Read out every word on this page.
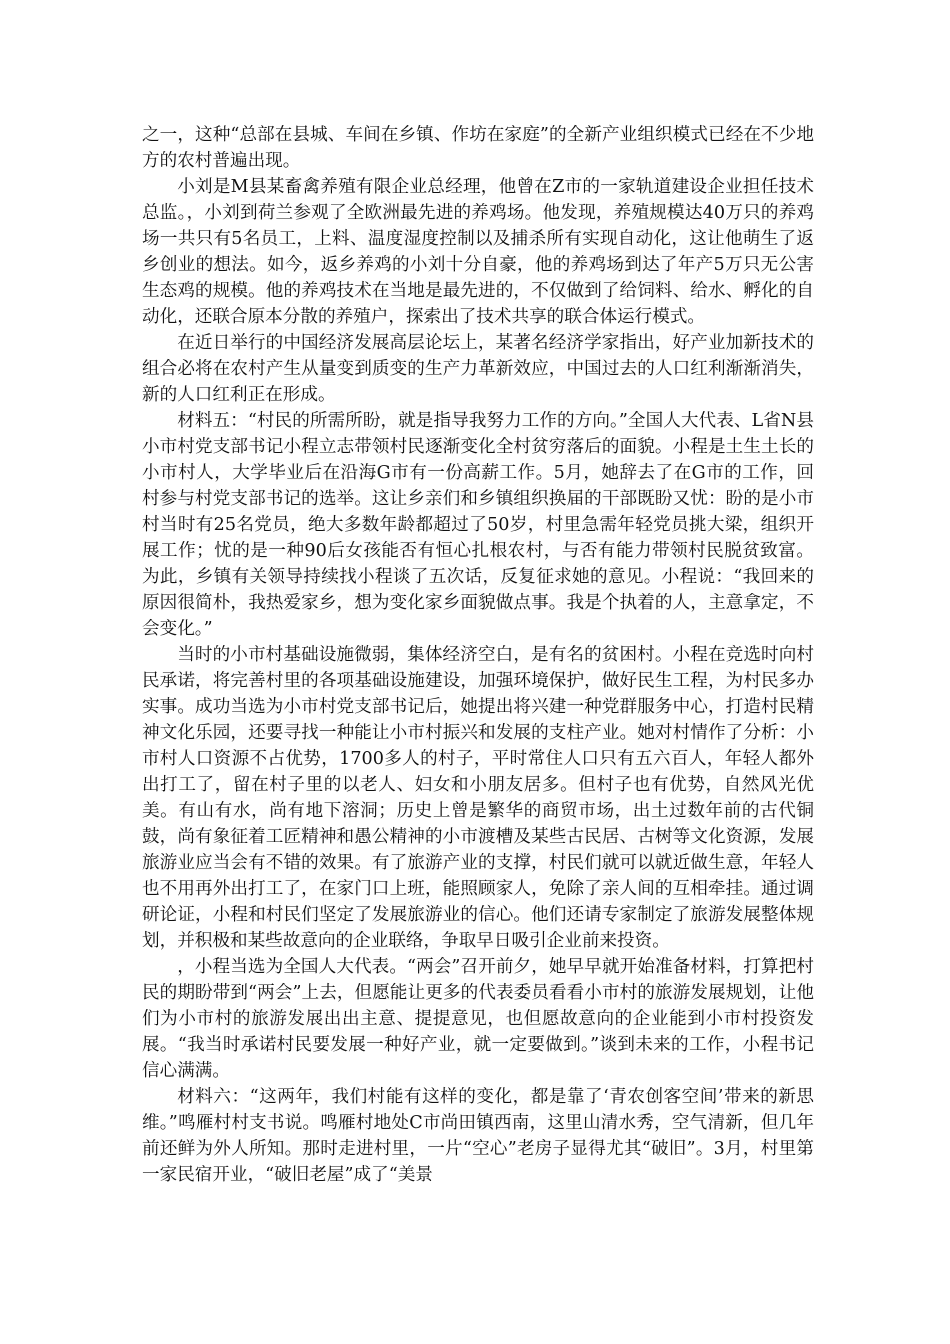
之一，这种“总部在县城、车间在乡镇、作坊在家庭”的全新产业组织模式已经在不少地方的农村普遍出现。

小刘是M县某畜禽养殖有限企业总经理，他曾在Z市的一家轨道建设企业担任技术总监。，小刘到荷兰参观了全欧洲最先进的养鸡场。他发现，养殖规模达40万只的养鸡场一共只有5名员工，上料、温度湿度控制以及捕杀所有实现自动化，这让他萌生了返乡创业的想法。如今，返乡养鸡的小刘十分自豪，他的养鸡场到达了年产5万只无公害生态鸡的规模。他的养鸡技术在当地是最先进的，不仅做到了给饲料、给水、孵化的自动化，还联合原本分散的养殖户，探索出了技术共享的联合体运行模式。

在近日举行的中国经济发展高层论坛上，某著名经济学家指出，好产业加新技术的组合必将在农村产生从量变到质变的生产力革新效应，中国过去的人口红利渐渐消失，新的人口红利正在形成。

材料五：“村民的所需所盼，就是指导我努力工作的方向。”全国人大代表、L省N县小市村党支部书记小程立志带领村民逐渐变化全村贫穷落后的面貌。小程是土生土长的小市村人，大学毕业后在沿海G市有一份高薪工作。5月，她辞去了在G市的工作，回村参与村党支部书记的选举。这让乡亲们和乡镇组织换届的干部既盼又忧：盼的是小市村当时有25名党员，绝大多数年龄都超过了50岁，村里急需年轻党员挑大梁，组织开展工作；忧的是一种90后女孩能否有恒心扎根农村，与否有能力带领村民脱贫致富。为此，乡镇有关领导持续找小程谈了五次话，反复征求她的意见。小程说：“我回来的原因很简朴，我热爱家乡，想为变化家乡面貌做点事。我是个执着的人，主意拿定，不会变化。”

当时的小市村基础设施微弱，集体经济空白，是有名的贫困村。小程在竞选时向村民承诺，将完善村里的各项基础设施建设，加强环境保护，做好民生工程，为村民多办实事。成功当选为小市村党支部书记后，她提出将兴建一种党群服务中心，打造村民精神文化乐园，还要寻找一种能让小市村振兴和发展的支柱产业。她对村情作了分析：小市村人口资源不占优势，1700多人的村子，平时常住人口只有五六百人，年轻人都外出打工了，留在村子里的以老人、妇女和小朋友居多。但村子也有优势，自然风光优美。有山有水，尚有地下溶洞；历史上曾是繁华的商贸市场，出土过数年前的古代铜鼓，尚有象征着工匠精神和愚公精神的小市渡槽及某些古民居、古树等文化资源，发展旅游业应当会有不错的效果。有了旅游产业的支撑，村民们就可以就近做生意，年轻人也不用再外出打工了，在家门口上班，能照顾家人，免除了亲人间的互相牵挂。通过调研论证，小程和村民们坚定了发展旅游业的信心。他们还请专家制定了旅游发展整体规划，并积极和某些故意向的企业联络，争取早日吸引企业前来投资。

，小程当选为全国人大代表。“两会”召开前夕，她早早就开始准备材料，打算把村民的期盼带到“两会”上去，但愿能让更多的代表委员看看小市村的旅游发展规划，让他们为小市村的旅游发展出出主意、提提意见，也但愿故意向的企业能到小市村投资发展。“我当时承诺村民要发展一种好产业，就一定要做到。”谈到未来的工作，小程书记信心满满。

材料六：“这两年，我们村能有这样的变化，都是靠了‘青农创客空间’带来的新思维。”鸣雁村村支书说。鸣雁村地处C市尚田镇西南，这里山清水秀，空气清新，但几年前还鲜为外人所知。那时走进村里，一片“空心”老房子显得尤其“破旧”。3月，村里第一家民宿开业，“破旧老屋”成了“美景
